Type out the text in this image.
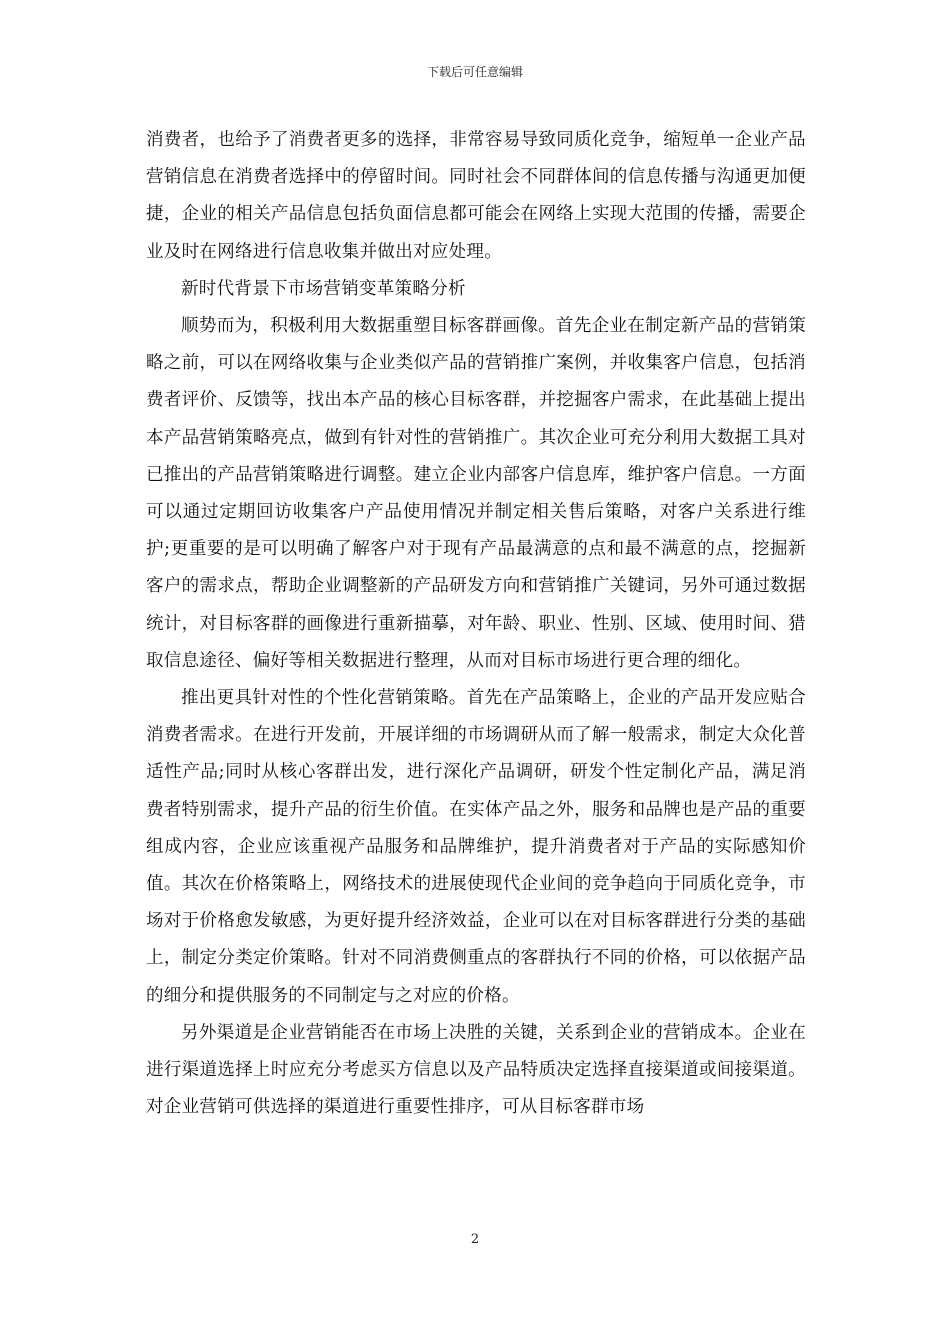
下载后可任意编辑

消费者，也给予了消费者更多的选择，非常容易导致同质化竞争，缩短单一企业产品营销信息在消费者选择中的停留时间。同时社会不同群体间的信息传播与沟通更加便捷，企业的相关产品信息包括负面信息都可能会在网络上实现大范围的传播，需要企业及时在网络进行信息收集并做出对应处理。

新时代背景下市场营销变革策略分析

顺势而为，积极利用大数据重塑目标客群画像。首先企业在制定新产品的营销策略之前，可以在网络收集与企业类似产品的营销推广案例，并收集客户信息，包括消费者评价、反馈等，找出本产品的核心目标客群，并挖掘客户需求，在此基础上提出本产品营销策略亮点，做到有针对性的营销推广。其次企业可充分利用大数据工具对已推出的产品营销策略进行调整。建立企业内部客户信息库，维护客户信息。一方面可以通过定期回访收集客户产品使用情况并制定相关售后策略，对客户关系进行维护;更重要的是可以明确了解客户对于现有产品最满意的点和最不满意的点，挖掘新客户的需求点，帮助企业调整新的产品研发方向和营销推广关键词，另外可通过数据统计，对目标客群的画像进行重新描摹，对年龄、职业、性别、区域、使用时间、猎取信息途径、偏好等相关数据进行整理，从而对目标市场进行更合理的细化。

推出更具针对性的个性化营销策略。首先在产品策略上，企业的产品开发应贴合消费者需求。在进行开发前，开展详细的市场调研从而了解一般需求，制定大众化普适性产品;同时从核心客群出发，进行深化产品调研，研发个性定制化产品，满足消费者特别需求，提升产品的衍生价值。在实体产品之外，服务和品牌也是产品的重要组成内容，企业应该重视产品服务和品牌维护，提升消费者对于产品的实际感知价值。其次在价格策略上，网络技术的进展使现代企业间的竞争趋向于同质化竞争，市场对于价格愈发敏感，为更好提升经济效益，企业可以在对目标客群进行分类的基础上，制定分类定价策略。针对不同消费侧重点的客群执行不同的价格，可以依据产品的细分和提供服务的不同制定与之对应的价格。

另外渠道是企业营销能否在市场上决胜的关键，关系到企业的营销成本。企业在进行渠道选择上时应充分考虑买方信息以及产品特质决定选择直接渠道或间接渠道。对企业营销可供选择的渠道进行重要性排序，可从目标客群市场

2
